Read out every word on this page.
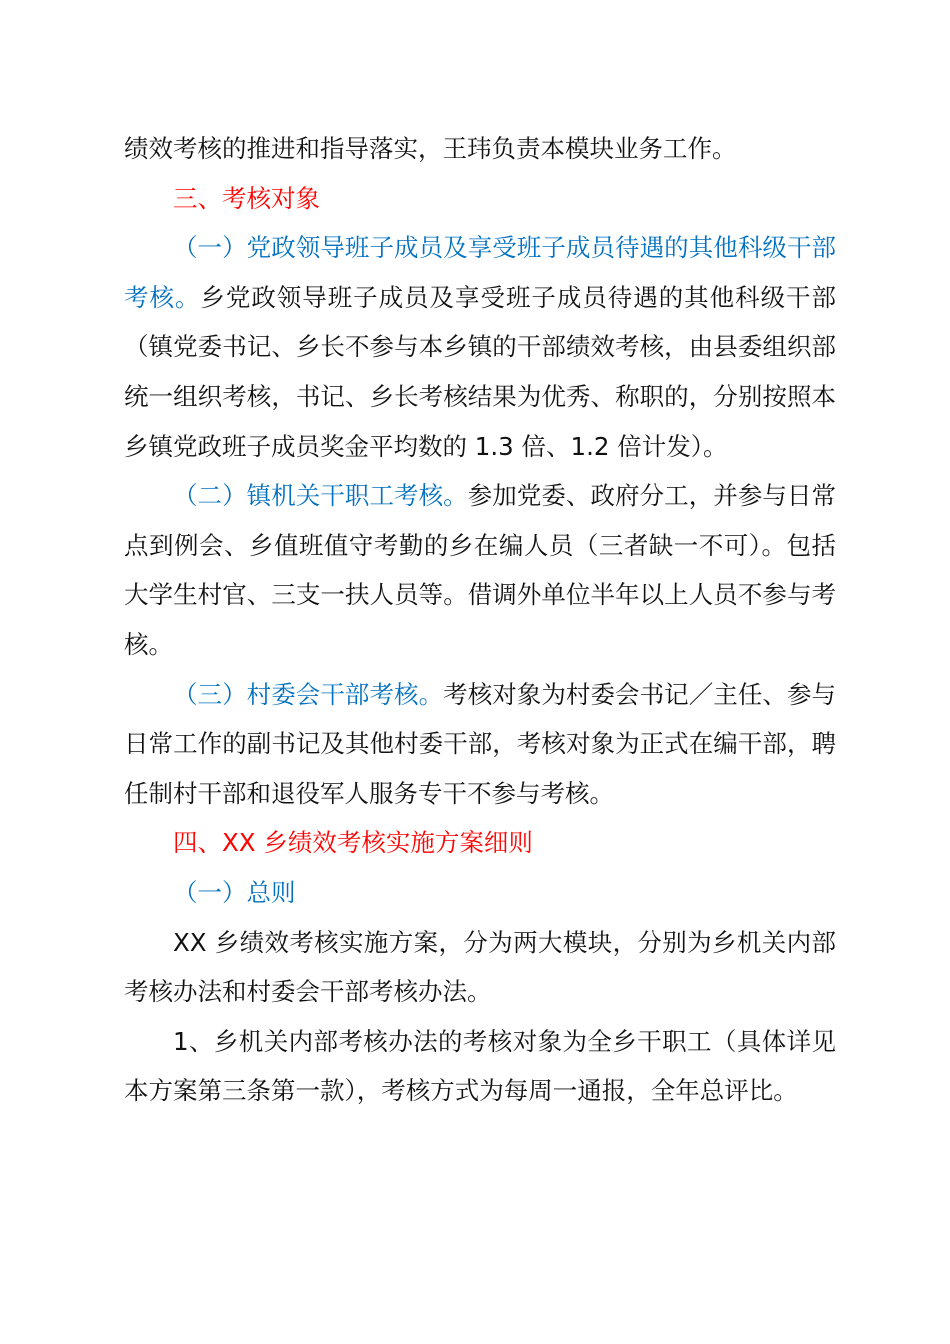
绩效考核的推进和指导落实，王玮负责本模块业务工作。

三、考核对象

（一）党政领导班子成员及享受班子成员待遇的其他科级干部考核。乡党政领导班子成员及享受班子成员待遇的其他科级干部（镇党委书记、乡长不参与本乡镇的干部绩效考核，由县委组织部统一组织考核，书记、乡长考核结果为优秀、称职的，分别按照本乡镇党政班子成员奖金平均数的 1.3 倍、1.2 倍计发）。

（二）镇机关干职工考核。参加党委、政府分工，并参与日常点到例会、乡值班值守考勤的乡在编人员（三者缺一不可）。包括大学生村官、三支一扶人员等。借调外单位半年以上人员不参与考核。

（三）村委会干部考核。考核对象为村委会书记／主任、参与日常工作的副书记及其他村委干部，考核对象为正式在编干部，聘任制村干部和退役军人服务专干不参与考核。

四、XX 乡绩效考核实施方案细则

（一）总则

XX 乡绩效考核实施方案，分为两大模块，分别为乡机关内部考核办法和村委会干部考核办法。

1、乡机关内部考核办法的考核对象为全乡干职工（具体详见本方案第三条第一款），考核方式为每周一通报，全年总评比。
